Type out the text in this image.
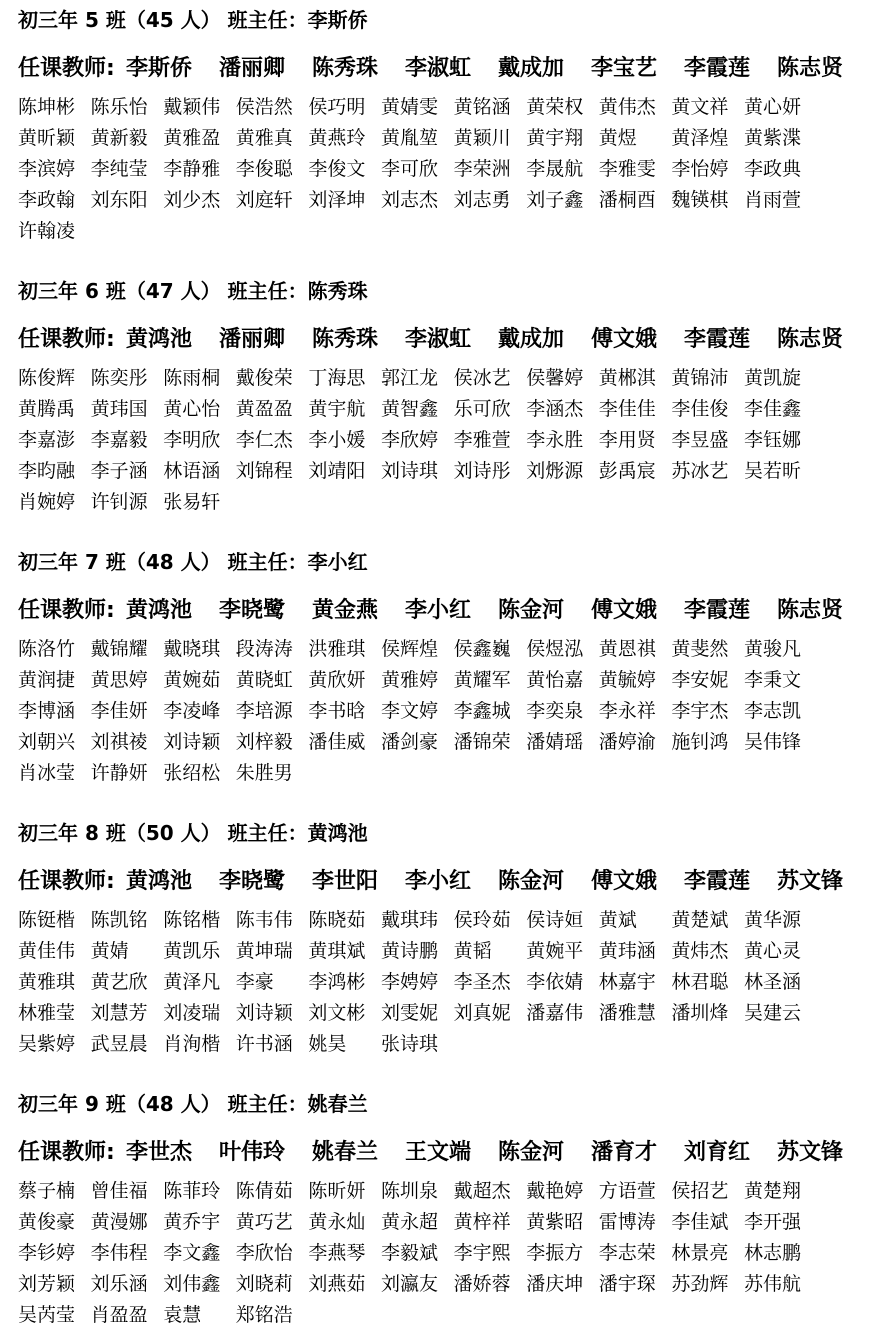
初三年 5 班（45 人） 班主任：李斯侨
任课教师: 李斯侨 潘丽卿 陈秀珠 李淑虹 戴成加 李宝艺 李霞莲 陈志贤
陈坤彬 陈乐怡 戴颖伟 侯浩然 侯巧明 黄婧雯 黄铭涵 黄荣权 黄伟杰 黄文祥 黄心妍
黄昕颖 黄新毅 黄雅盈 黄雅真 黄燕玲 黄胤堃 黄颖川 黄宇翔 黄煜 黄泽煌 黄紫渫
李滨婷 李纯莹 李静雅 李俊聪 李俊文 李可欣 李荣洲 李晟航 李雅雯 李怡婷 李政典
李政翰 刘东阳 刘少杰 刘庭轩 刘泽坤 刘志杰 刘志勇 刘子鑫 潘桐酉 魏锳棋 肖雨萱
许翰凌
初三年 6 班（47 人） 班主任：陈秀珠
任课教师: 黄鸿池 潘丽卿 陈秀珠 李淑虹 戴成加 傅文娥 李霞莲 陈志贤
陈俊辉 陈奕彤 陈雨桐 戴俊荣 丁海思 郭江龙 侯冰艺 侯馨婷 黄郴淇 黄锦沛 黄凯旋
黄腾禹 黄玮国 黄心怡 黄盈盈 黄宇航 黄智鑫 乐可欣 李涵杰 李佳佳 李佳俊 李佳鑫
李嘉澎 李嘉毅 李明欣 李仁杰 李小媛 李欣婷 李雅萱 李永胜 李用贤 李昱盛 李钰娜
李昀融 李子涵 林语涵 刘锦程 刘靖阳 刘诗琪 刘诗彤 刘烿源 彭禹宸 苏冰艺 吴若昕
肖婉婷 许钊源 张易轩
初三年 7 班（48 人） 班主任：李小红
任课教师: 黄鸿池 李晓鹭 黄金燕 李小红 陈金河 傅文娥 李霞莲 陈志贤
陈洛竹 戴锦耀 戴晓琪 段涛涛 洪雅琪 侯辉煌 侯鑫巍 侯煜泓 黄恩祺 黄斐然 黄骏凡
黄润捷 黄思婷 黄婉茹 黄晓虹 黄欣妍 黄雅婷 黄耀军 黄怡嘉 黄毓婷 李安妮 李秉文
李博涵 李佳妍 李凌峰 李培源 李书晗 李文婷 李鑫城 李奕泉 李永祥 李宇杰 李志凯
刘朝兴 刘祺祾 刘诗颖 刘梓毅 潘佳威 潘剑豪 潘锦荣 潘婧瑶 潘婷渝 施钊鸿 吴伟锋
肖冰莹 许静妍 张绍松 朱胜男
初三年 8 班（50 人） 班主任：黄鸿池
任课教师: 黄鸿池 李晓鹭 李世阳 李小红 陈金河 傅文娥 李霞莲 苏文锋
陈铤楷 陈凯铭 陈铭楷 陈韦伟 陈晓茹 戴琪玮 侯玲茹 侯诗姮 黄斌 黄楚斌 黄华源
黄佳伟 黄婧 黄凯乐 黄坤瑞 黄琪斌 黄诗鹏 黄韬 黄婉平 黄玮涵 黄炜杰 黄心灵
黄雅琪 黄艺欣 黄泽凡 李豪 李鸿彬 李娉婷 李圣杰 李依婧 林嘉宇 林君聪 林圣涵
林雅莹 刘慧芳 刘凌瑞 刘诗颖 刘文彬 刘雯妮 刘真妮 潘嘉伟 潘雅慧 潘圳烽 吴建云
吴紫婷 武昱晨 肖洵楷 许书涵 姚昊 张诗琪
初三年 9 班（48 人） 班主任：姚春兰
任课教师: 李世杰 叶伟玲 姚春兰 王文端 陈金河 潘育才 刘育红 苏文锋
蔡子楠 曾佳福 陈菲玲 陈倩茹 陈昕妍 陈圳泉 戴超杰 戴艳婷 方语萱 侯招艺 黄楚翔
黄俊豪 黄漫娜 黄乔宇 黄巧艺 黄永灿 黄永超 黄梓祥 黄紫昭 雷博涛 李佳斌 李开强
李钐婷 李伟程 李文鑫 李欣怡 李燕琴 李毅斌 李宇熙 李振方 李志荣 林景亮 林志鹏
刘芳颖 刘乐涵 刘伟鑫 刘晓莉 刘燕茹 刘瀛友 潘娇蓉 潘庆坤 潘宇琛 苏劲辉 苏伟航
吴芮莹 肖盈盈 袁慧 郑铭浩
